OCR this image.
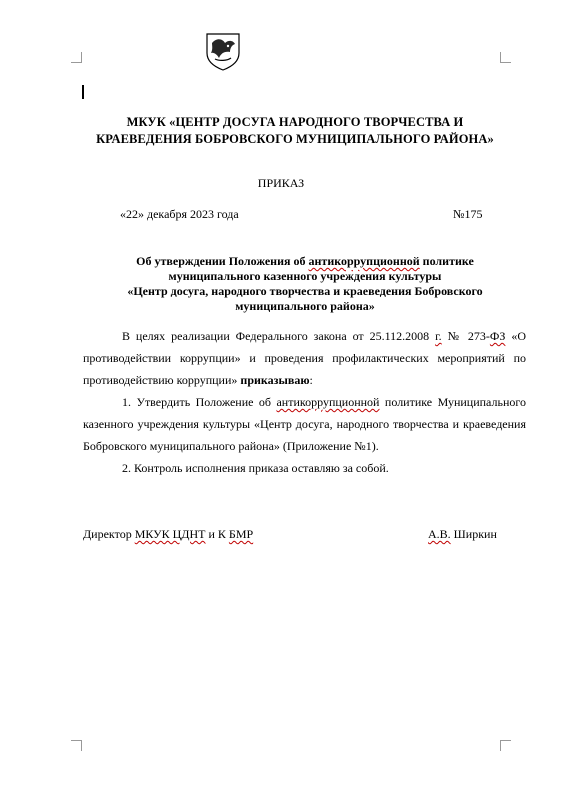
МКУК «ЦЕНТР ДОСУГА НАРОДНОГО ТВОРЧЕСТВА И
КРАЕВЕДЕНИЯ БОБРОВСКОГО МУНИЦИПАЛЬНОГО РАЙОНА»
ПРИКАЗ
«22» декабря 2023 года	№175
Об утверждении Положения об антикоррупционной политике
муниципального казенного учреждения культуры
«Центр досуга, народного творчества и краеведения Бобровского
муниципального района»

В целях реализации Федерального закона от 25.112.2008 г. № 273-ФЗ «О противодействии коррупции» и проведения профилактических мероприятий по противодействию коррупции» приказываю:

1. Утвердить Положение об антикоррупционной политике Муниципального казенного учреждения культуры «Центр досуга, народного творчества и краеведения Бобровского муниципального района» (Приложение №1).

2. Контроль исполнения приказа оставляю за собой.

Директор МКУК ЦДНТ и К БМР	А.В. Ширкин
